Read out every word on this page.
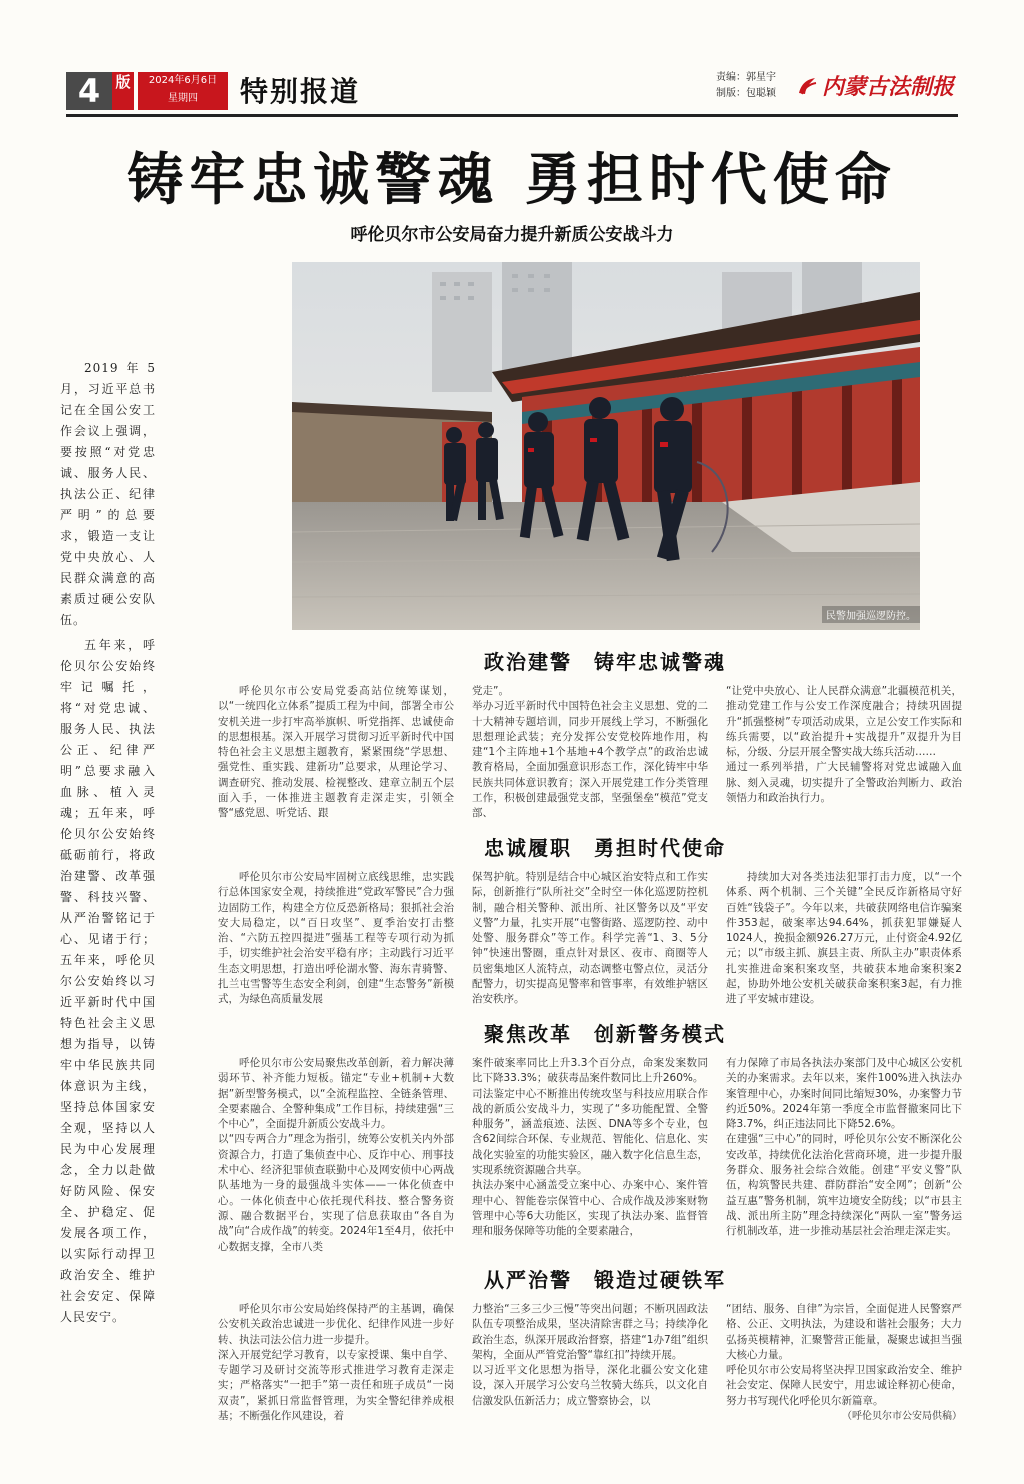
4	版	2024年6月6日
星期四	特别报道	责编：郭星宇
制版：包聪颖	内蒙古法制报
铸牢忠诚警魂 勇担时代使命
呼伦贝尔市公安局奋力提升新质公安战斗力
民警加强巡逻防控。

2019年5月，习近平总书记在全国公安工作会议上强调，要按照“对党忠诚、服务人民、执法公正、纪律严明”的总要求，锻造一支让党中央放心、人民群众满意的高素质过硬公安队伍。

五年来，呼伦贝尔公安始终牢记嘱托，将“对党忠诚、服务人民、执法公正、纪律严明”总要求融入血脉、植入灵魂；五年来，呼伦贝尔公安始终砥砺前行，将政治建警、改革强警、科技兴警、从严治警铭记于心、见诸于行；五年来，呼伦贝尔公安始终以习近平新时代中国特色社会主义思想为指导，以铸牢中华民族共同体意识为主线，坚持总体国家安全观，坚持以人民为中心发展理念，全力以赴做好防风险、保安全、护稳定、促发展各项工作，以实际行动捍卫政治安全、维护社会安定、保障人民安宁。

政治建警　铸牢忠诚警魂

呼伦贝尔市公安局党委高站位统筹谋划，以“一统四化立体系”提质工程为中间，部署全市公安机关进一步打牢高举旗帜、听党指挥、忠诚使命的思想根基。深入开展学习贯彻习近平新时代中国特色社会主义思想主题教育，紧紧围绕“学思想、强党性、重实践、建新功”总要求，从理论学习、调查研究、推动发展、检视整改、建章立制五个层面入手，一体推进主题教育走深走实，引领全警“感党恩、听党话、跟

党走”。
举办习近平新时代中国特色社会主义思想、党的二十大精神专题培训，同步开展线上学习，不断强化思想理论武装；充分发挥公安党校阵地作用，构建“1个主阵地+1个基地+4个教学点”的政治忠诚教育格局，全面加强意识形态工作，深化铸牢中华民族共同体意识教育；深入开展党建工作分类管理工作，积极创建最强党支部，坚强堡垒“模范”党支部、

“让党中央放心、让人民群众满意”北疆模范机关，推动党建工作与公安工作深度融合；持续巩固提升“抓强整树”专项活动成果，立足公安工作实际和练兵需要，以“政治提升+实战提升”双提升为目标，分级、分层开展全警实战大练兵活动……
通过一系列举措，广大民辅警将对党忠诚融入血脉、刻入灵魂，切实提升了全警政治判断力、政治领悟力和政治执行力。

忠诚履职　勇担时代使命

呼伦贝尔市公安局牢固树立底线思维，忠实践行总体国家安全观，持续推进“党政军警民”合力强边固防工作，构建全方位反恐新格局；狠抓社会治安大局稳定，以“百日攻坚”、夏季治安打击整治、“六防五控四提进”强基工程等专项行动为抓手，切实维护社会治安平稳有序；主动践行习近平生态文明思想，打造出呼伦湖水警、海东青骑警、扎兰屯雪警等生态安全利剑，创建“生态警务”新模式，为绿色高质量发展

保驾护航。特别是结合中心城区治安特点和工作实际，创新推行“队所社交”全时空一体化巡逻防控机制，融合相关警种、派出所、社区警务以及“平安义警”力量，扎实开展“屯警街路、巡逻防控、动中处警、服务群众”等工作。科学完善“1、3、5分钟”快速出警圈，重点针对景区、夜市、商圈等人员密集地区人流特点，动态调整屯警点位，灵活分配警力，切实提高见警率和管事率，有效维护辖区治安秩序。

持续加大对各类违法犯罪打击力度，以“一个体系、两个机制、三个关键”全民反诈新格局守好百姓“钱袋子”。今年以来，共破获网络电信诈骗案件353起，破案率达94.64%，抓获犯罪嫌疑人1024人，挽损金额926.27万元，止付资金4.92亿元；以“市级主抓、旗县主责、所队主办”职责体系扎实推进命案积案攻坚，共破获本地命案积案2起，协助外地公安机关破获命案积案3起，有力推进了平安城市建设。

聚焦改革　创新警务模式

呼伦贝尔市公安局聚焦改革创新，着力解决薄弱环节、补齐能力短板。锚定“专业+机制+大数据”新型警务模式，以“全流程监控、全链条管理、全要素融合、全警种集成”工作目标，持续建强“三个中心”，全面提升新质公安战斗力。
以“四专两合力”理念为指引，统筹公安机关内外部资源合力，打造了集侦查中心、反诈中心、刑事技术中心、经济犯罪侦查联勤中心及网安侦中心两战队基地为一身的最强战斗实体——一体化侦查中心。一体化侦查中心依托现代科技、整合警务资源、融合数据平台，实现了信息获取由“各自为战”向“合成作战”的转变。2024年1至4月，依托中心数据支撑，全市八类

案件破案率同比上升3.3个百分点，命案发案数同比下降33.3%；破获毒品案件数同比上升260%。
司法鉴定中心不断推出传统攻坚与科技应用联合作战的新质公安战斗力，实现了“多功能配置、全警种服务”，涵盖痕迹、法医、DNA等多个专业，包含62间综合环保、专业规范、智能化、信息化、实战化实验室的功能实验区，融入数字化信息生态，实现系统资源融合共享。
执法办案中心涵盖受立案中心、办案中心、案件管理中心、智能卷宗保管中心、合成作战及涉案财物管理中心等6大功能区，实现了执法办案、监督管理和服务保障等功能的全要素融合，

有力保障了市局各执法办案部门及中心城区公安机关的办案需求。去年以来，案件100%进入执法办案管理中心，办案时间同比缩短30%，办案警力节约近50%。2024年第一季度全市监督撤案同比下降3.7%，纠正违法同比下降52.6%。
在建强“三中心”的同时，呼伦贝尔公安不断深化公安改革，持续优化法治化营商环境，进一步提升服务群众、服务社会综合效能。创建“平安义警”队伍，构筑警民共建、群防群治“安全网”；创新“公益互惠”警务机制，筑牢边境安全防线；以“市县主战、派出所主防”理念持续深化“两队一室”警务运行机制改革，进一步推动基层社会治理走深走实。

从严治警　锻造过硬铁军

呼伦贝尔市公安局始终保持严的主基调，确保公安机关政治忠诚进一步优化、纪律作风进一步好转、执法司法公信力进一步提升。
深入开展党纪学习教育，以专家授课、集中自学、专题学习及研讨交流等形式推进学习教育走深走实；严格落实“一把手”第一责任和班子成员“一岗双责”，紧抓日常监督管理，为实全警纪律养成根基；不断强化作风建设，着

力整治“三多三少三慢”等突出问题；不断巩固政法队伍专项整治成果，坚决清除害群之马；持续净化政治生态，纵深开展政治督察，搭建“1办7组”组织架构，全面从严管党治警“靠红扣”持续开展。
以习近平文化思想为指导，深化北疆公安文化建设，深入开展学习公安乌兰牧骑大练兵，以文化自信激发队伍新活力；成立警察协会，以

“团结、服务、自律”为宗旨，全面促进人民警察严格、公正、文明执法，为建设和谐社会服务；大力弘扬英模精神，汇聚警营正能量，凝聚忠诚担当强大核心力量。
呼伦贝尔市公安局将坚决捍卫国家政治安全、维护社会安定、保障人民安宁，用忠诚诠释初心使命，努力书写现代化呼伦贝尔新篇章。

（呼伦贝尔市公安局供稿）
